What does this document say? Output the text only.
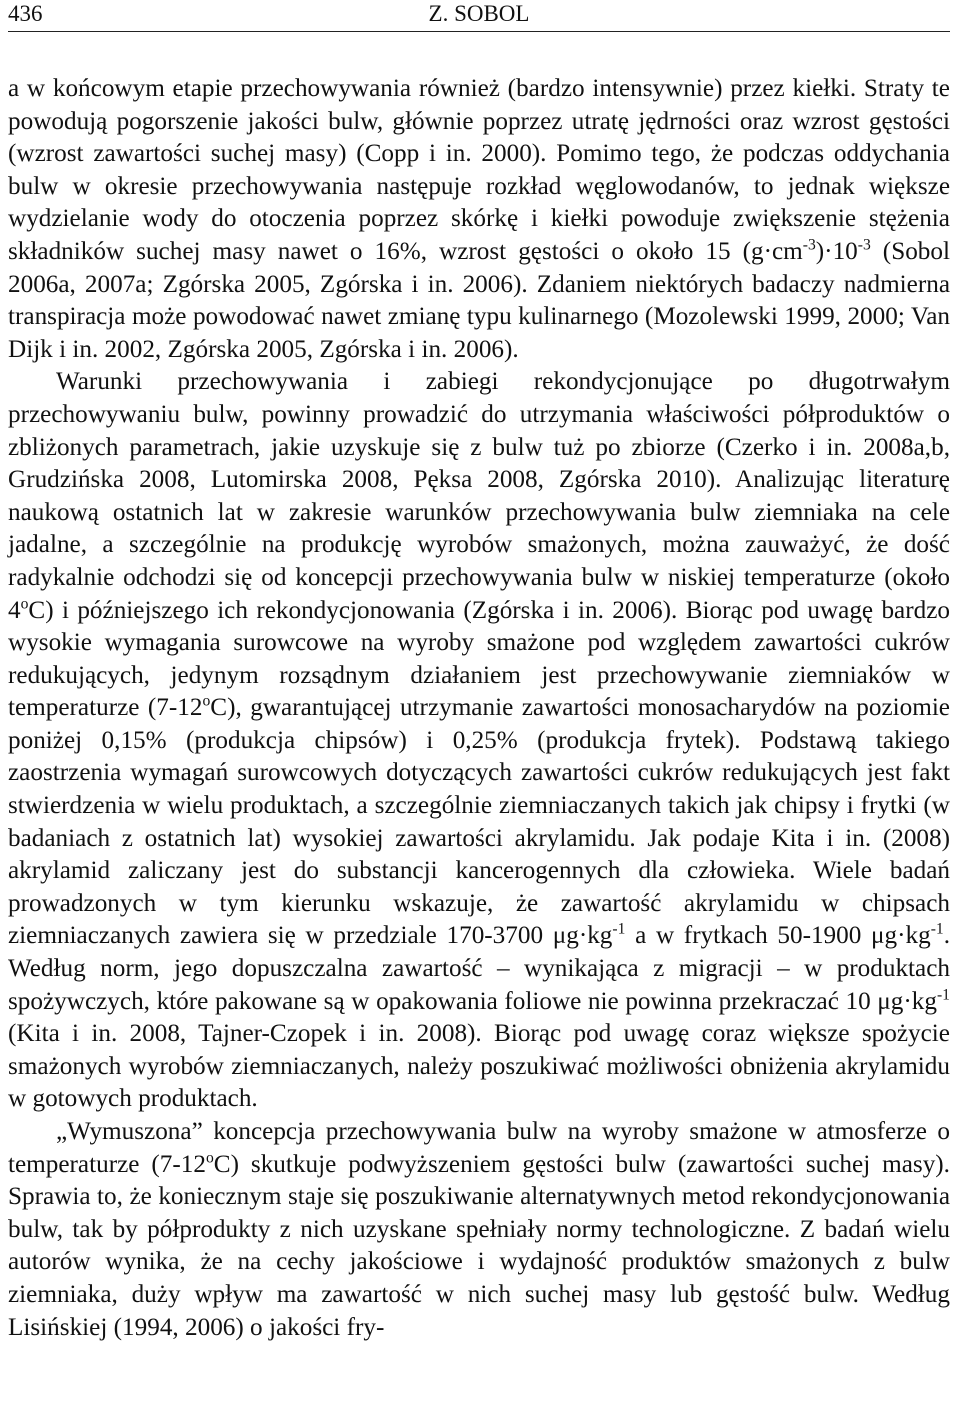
436	Z. SOBOL

a w końcowym etapie przechowywania również (bardzo intensywnie) przez kiełki. Straty te powodują pogorszenie jakości bulw, głównie poprzez utratę jędrności oraz wzrost gęstości (wzrost zawartości suchej masy) (Copp i in. 2000). Pomimo tego, że podczas oddychania bulw w okresie przechowywania następuje rozkład węglowodanów, to jednak większe wydzielanie wody do otoczenia poprzez skórkę i kiełki powoduje zwiększenie stężenia składników suchej masy nawet o 16%, wzrost gęstości o około 15 $(g\cdot cm^{-3})\cdot 10^{-3}$ (Sobol 2006a, 2007a; Zgórska 2005, Zgórska i in. 2006). Zdaniem niektórych badaczy nadmierna transpiracja może powodować nawet zmianę typu kulinarnego (Mozolewski 1999, 2000; Van Dijk i in. 2002, Zgórska 2005, Zgórska i in. 2006).

Warunki przechowywania i zabiegi rekondycjonujące po długotrwałym przechowywaniu bulw, powinny prowadzić do utrzymania właściwości półproduktów o zbliżonych parametrach, jakie uzyskuje się z bulw tuż po zbiorze (Czerko i in. 2008a,b, Grudzińska 2008, Lutomirska 2008, Pęksa 2008, Zgórska 2010). Analizując literaturę naukową ostatnich lat w zakresie warunków przechowywania bulw ziemniaka na cele jadalne, a szczególnie na produkcję wyrobów smażonych, można zauważyć, że dość radykalnie odchodzi się od koncepcji przechowywania bulw w niskiej temperaturze (około 4$^o$C) i późniejszego ich rekondycjonowania (Zgórska i in. 2006). Biorąc pod uwagę bardzo wysokie wymagania surowcowe na wyroby smażone pod względem zawartości cukrów redukujących, jedynym rozsądnym działaniem jest przechowywanie ziemniaków w temperaturze (7-12$^o$C), gwarantującej utrzymanie zawartości monosacharydów na poziomie poniżej 0,15% (produkcja chipsów) i 0,25% (produkcja frytek). Podstawą takiego zaostrzenia wymagań surowcowych dotyczących zawartości cukrów redukujących jest fakt stwierdzenia w wielu produktach, a szczególnie ziemniaczanych takich jak chipsy i frytki (w badaniach z ostatnich lat) wysokiej zawartości akrylamidu. Jak podaje Kita i in. (2008) akrylamid zaliczany jest do substancji kancerogennych dla człowieka. Wiele badań prowadzonych w tym kierunku wskazuje, że zawartość akrylamidu w chipsach ziemniaczanych zawiera się w przedziale 170-3700 $\mu g\cdot kg^{-1}$ a w frytkach 50-1900 $\mu g\cdot kg^{-1}$. Według norm, jego dopuszczalna zawartość – wynikająca z migracji – w produktach spożywczych, które pakowane są w opakowania foliowe nie powinna przekraczać 10 $\mu g\cdot kg^{-1}$ (Kita i in. 2008, Tajner-Czopek i in. 2008). Biorąc pod uwagę coraz większe spożycie smażonych wyrobów ziemniaczanych, należy poszukiwać możliwości obniżenia akrylamidu w gotowych produktach.

„Wymuszona” koncepcja przechowywania bulw na wyroby smażone w atmosferze o temperaturze (7-12$^o$C) skutkuje podwyższeniem gęstości bulw (zawartości suchej masy). Sprawia to, że koniecznym staje się poszukiwanie alternatywnych metod rekondycjonowania bulw, tak by półprodukty z nich uzyskane spełniały normy technologiczne. Z badań wielu autorów wynika, że na cechy jakościowe i wydajność produktów smażonych z bulw ziemniaka, duży wpływ ma zawartość w nich suchej masy lub gęstość bulw. Według Lisińskiej (1994, 2006) o jakości fry-
